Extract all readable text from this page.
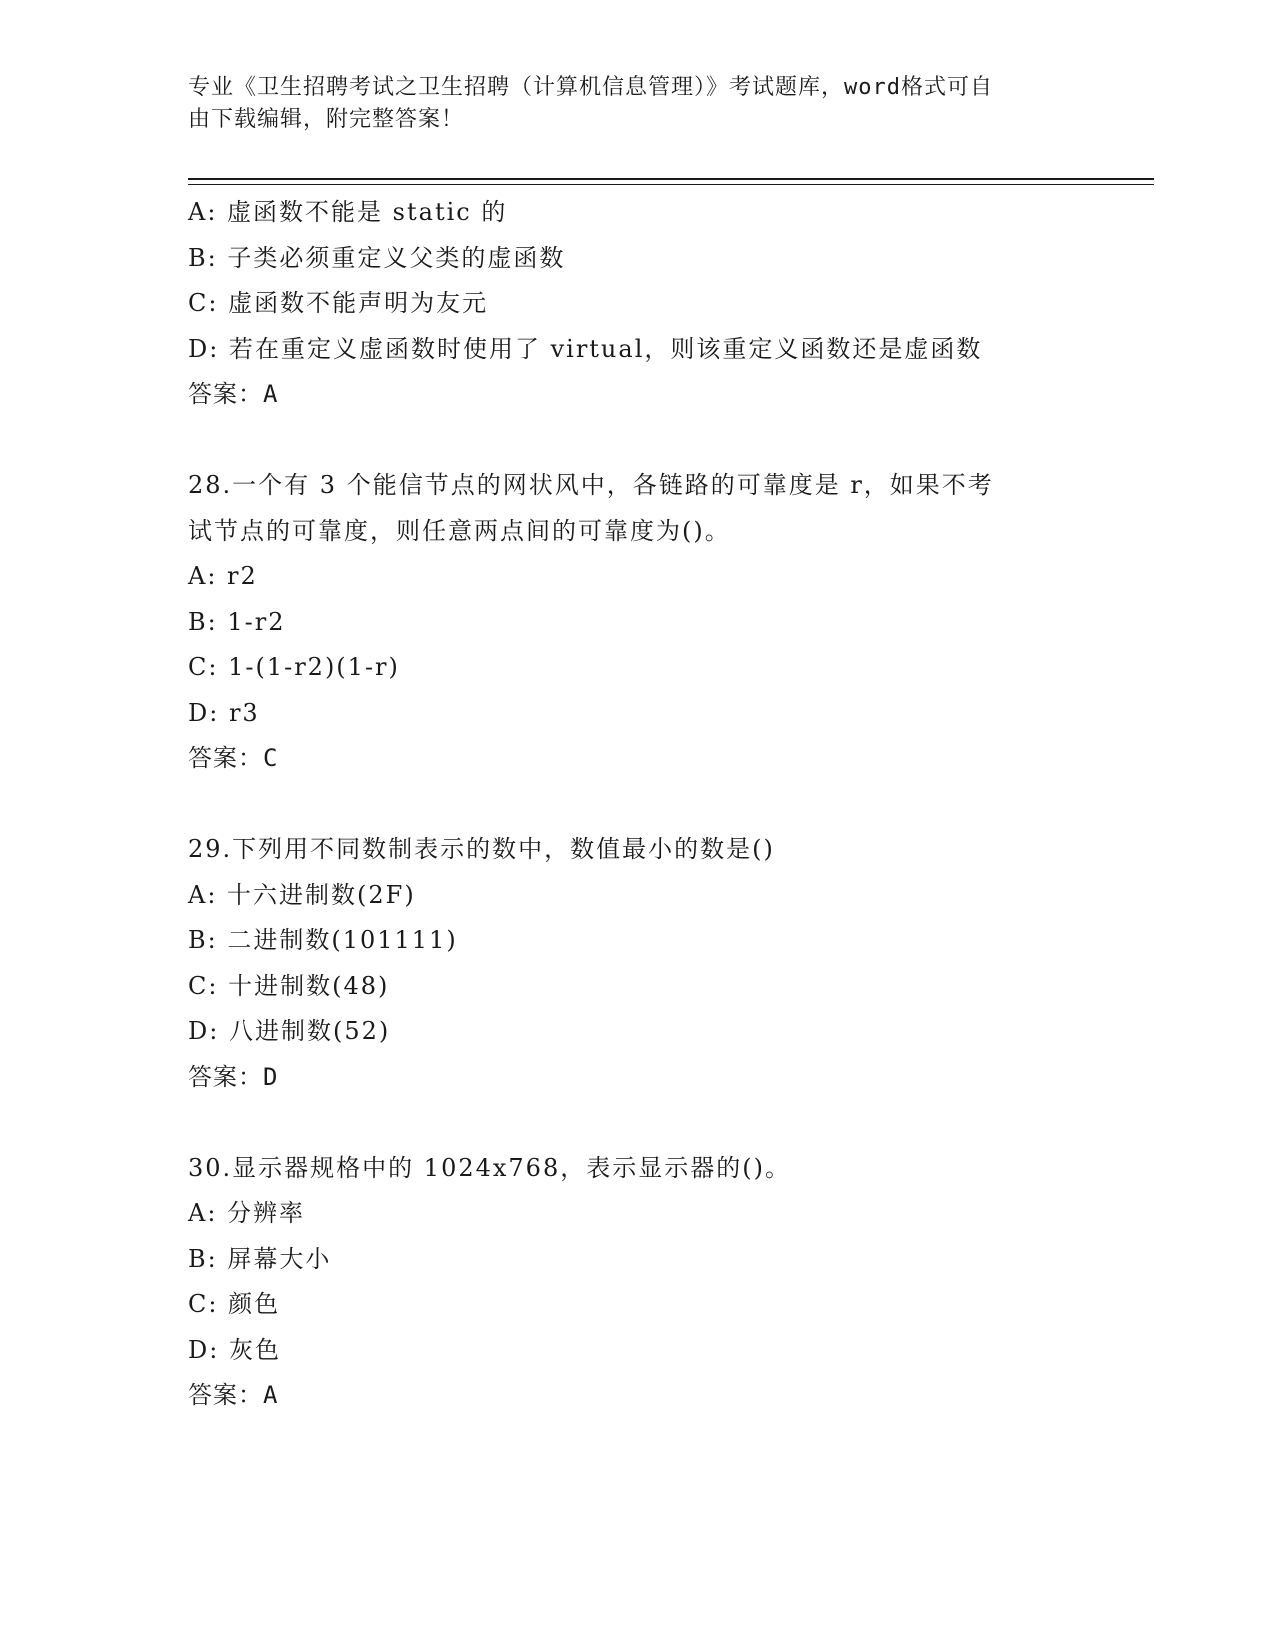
专业《卫生招聘考试之卫生招聘（计算机信息管理）》考试题库，word格式可自
由下载编辑，附完整答案！
A: 虚函数不能是 static 的
B: 子类必须重定义父类的虚函数
C: 虚函数不能声明为友元
D: 若在重定义虚函数时使用了 virtual，则该重定义函数还是虚函数
答案：A
28.一个有 3 个能信节点的网状风中，各链路的可靠度是 r，如果不考
试节点的可靠度，则任意两点间的可靠度为()。
A: r2
B: 1-r2
C: 1-(1-r2)(1-r)
D: r3
答案：C
29.下列用不同数制表示的数中，数值最小的数是()
A: 十六进制数(2F)
B: 二进制数(101111)
C: 十进制数(48)
D: 八进制数(52)
答案：D
30.显示器规格中的 1024x768，表示显示器的()。
A: 分辨率
B: 屏幕大小
C: 颜色
D: 灰色
答案：A
